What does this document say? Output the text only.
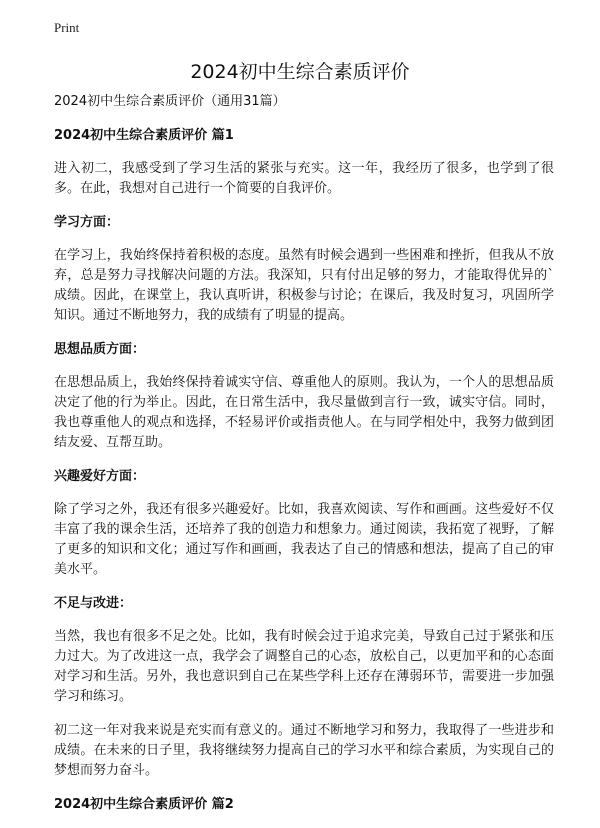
Print
2024初中生综合素质评价

2024初中生综合素质评价（通用31篇）

2024初中生综合素质评价 篇1

进入初二，我感受到了学习生活的紧张与充实。这一年，我经历了很多，也学到了很多。在此，我想对自己进行一个简要的自我评价。

学习方面：

在学习上，我始终保持着积极的态度。虽然有时候会遇到一些困难和挫折，但我从不放弃，总是努力寻找解决问题的方法。我深知，只有付出足够的努力，才能取得优异的`成绩。因此，在课堂上，我认真听讲，积极参与讨论；在课后，我及时复习，巩固所学知识。通过不断地努力，我的成绩有了明显的提高。

思想品质方面：

在思想品质上，我始终保持着诚实守信、尊重他人的原则。我认为，一个人的思想品质决定了他的行为举止。因此，在日常生活中，我尽量做到言行一致，诚实守信。同时，我也尊重他人的观点和选择，不轻易评价或指责他人。在与同学相处中，我努力做到团结友爱、互帮互助。

兴趣爱好方面：

除了学习之外，我还有很多兴趣爱好。比如，我喜欢阅读、写作和画画。这些爱好不仅丰富了我的课余生活，还培养了我的创造力和想象力。通过阅读，我拓宽了视野，了解了更多的知识和文化；通过写作和画画，我表达了自己的情感和想法，提高了自己的审美水平。

不足与改进：

当然，我也有很多不足之处。比如，我有时候会过于追求完美，导致自己过于紧张和压力过大。为了改进这一点，我学会了调整自己的心态，放松自己，以更加平和的心态面对学习和生活。另外，我也意识到自己在某些学科上还存在薄弱环节，需要进一步加强学习和练习。

初二这一年对我来说是充实而有意义的。通过不断地学习和努力，我取得了一些进步和成绩。在未来的日子里，我将继续努力提高自己的学习水平和综合素质，为实现自己的梦想而努力奋斗。

2024初中生综合素质评价 篇2
